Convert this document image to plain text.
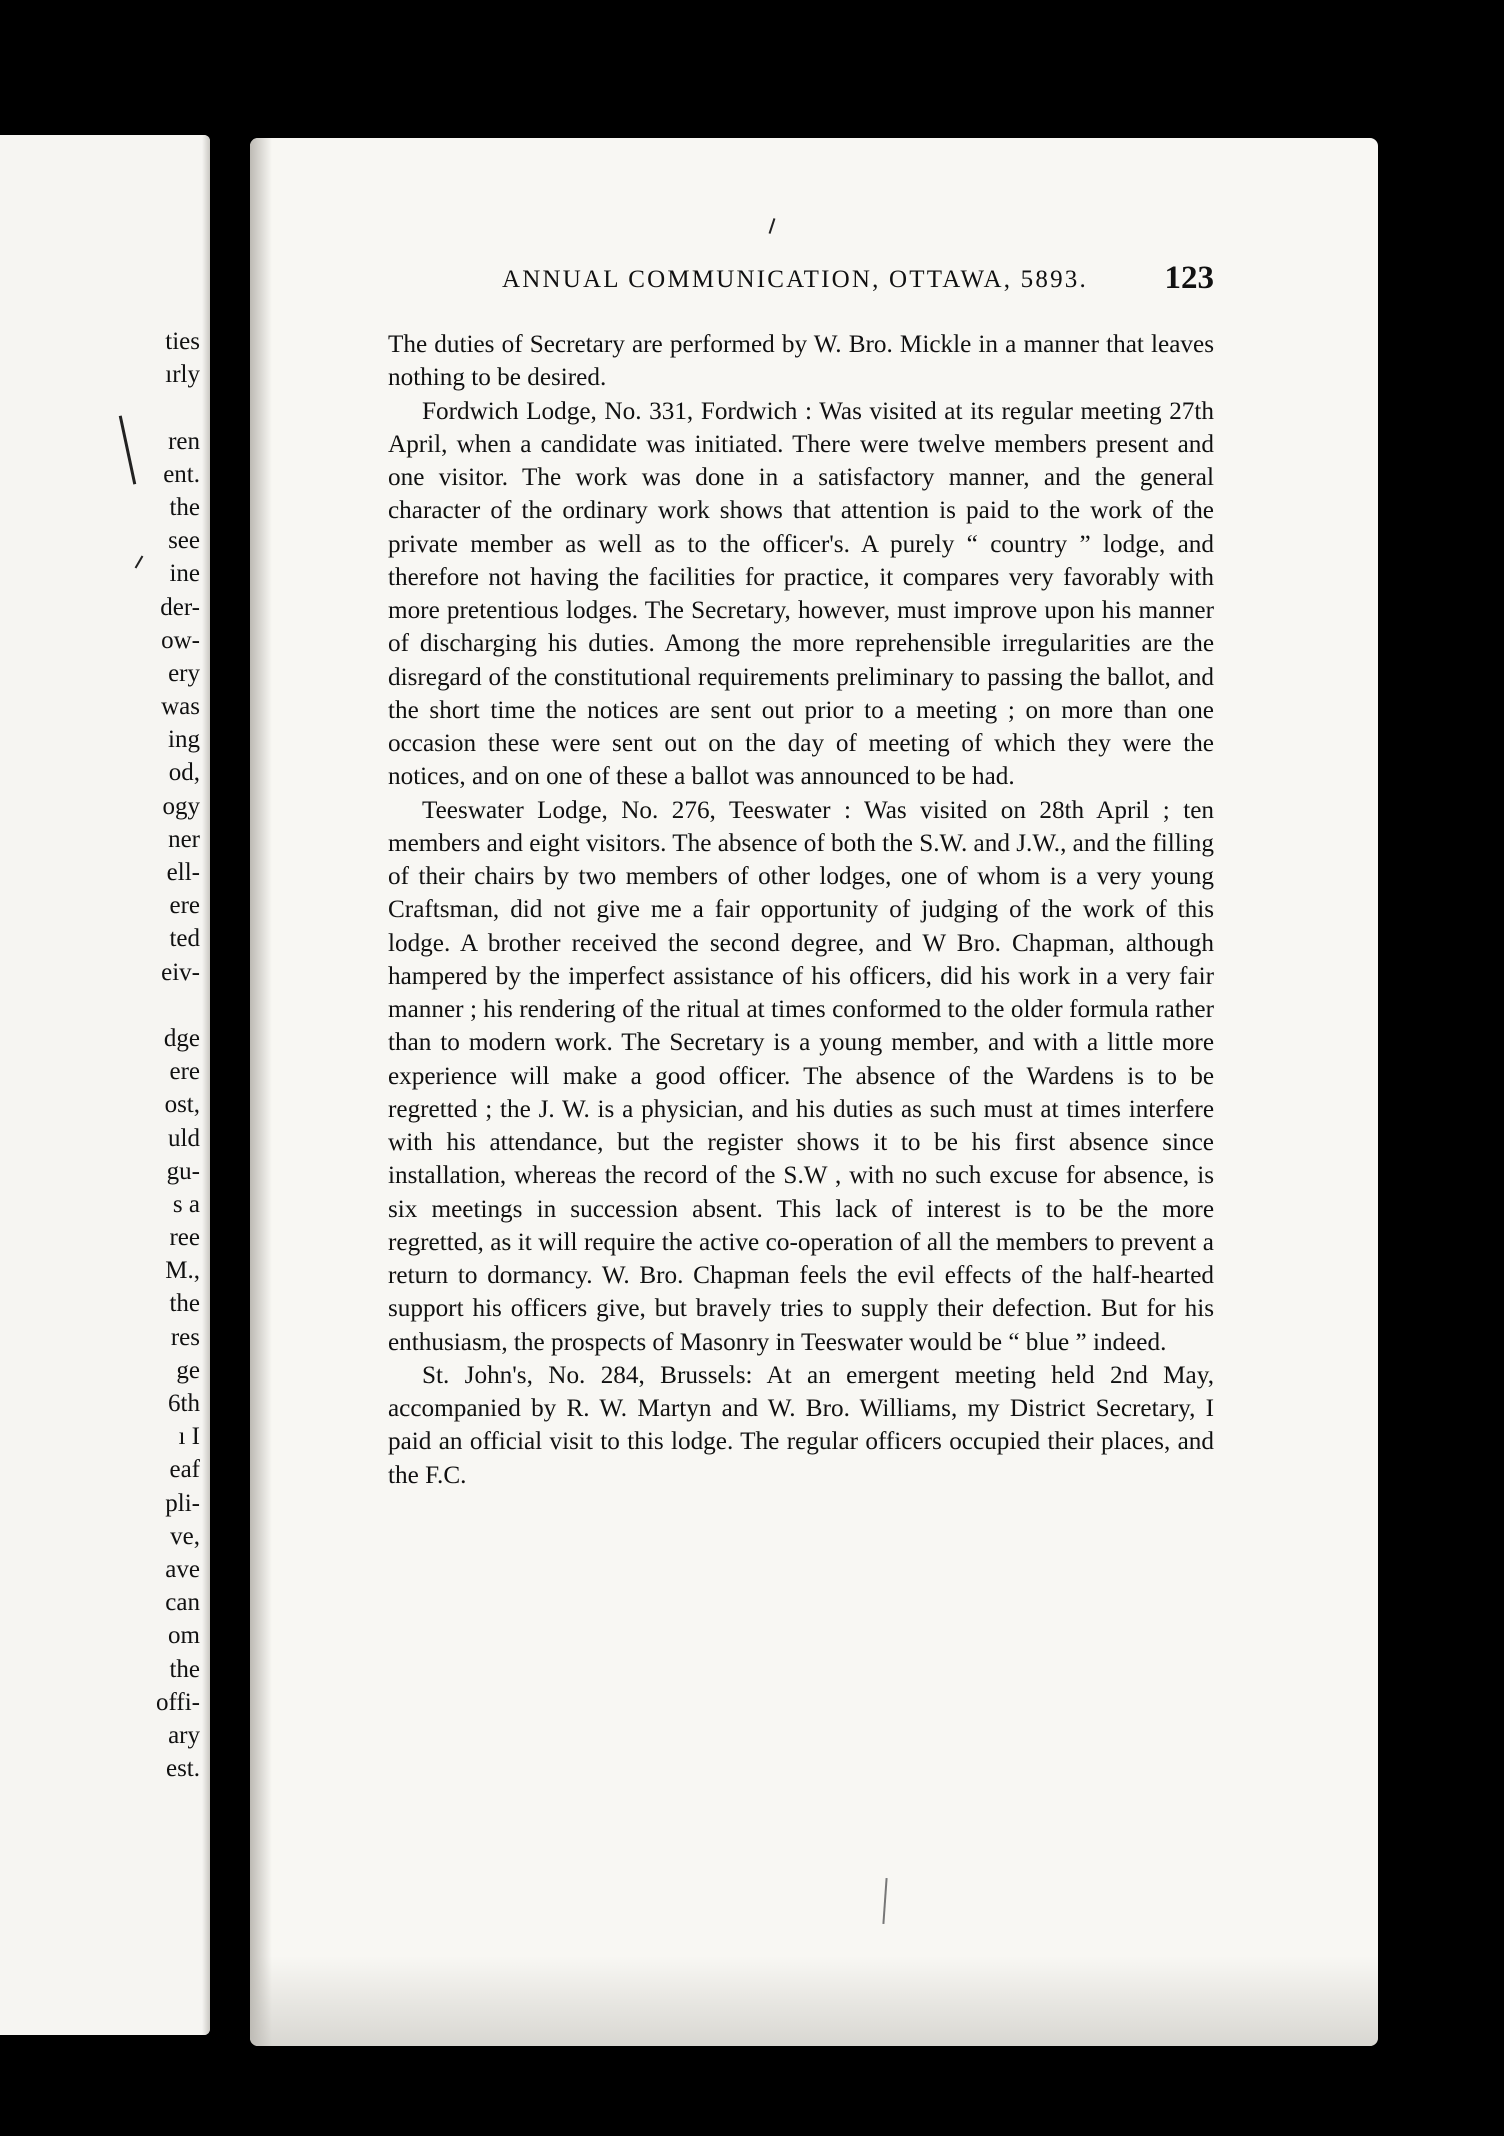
ties
ırly
ren
ent.
the
see
ine
der-
ow-
ery
was
ing
od,
ogy
ner
ell-
ere
ted
eiv-
dge
ere
ost,
uld
gu-
s a
ree
M.,
the
res
ge
6th
ı I
eaf
pli-
ve,
ave
can
om
the
offi-
ary
est.
ANNUAL COMMUNICATION, OTTAWA, 5893. 123

The duties of Secretary are performed by W. Bro. Mickle in a manner that leaves nothing to be desired.

Fordwich Lodge, No. 331, Fordwich : Was visited at its regular meeting 27th April, when a candidate was initiated. There were twelve members present and one visitor. The work was done in a satisfactory manner, and the general character of the ordinary work shows that attention is paid to the work of the private member as well as to the officer's. A purely “ country ” lodge, and therefore not having the facilities for practice, it compares very favorably with more pretentious lodges. The Secretary, however, must improve upon his manner of discharging his duties. Among the more reprehensible irregularities are the disregard of the constitutional requirements preliminary to passing the ballot, and the short time the notices are sent out prior to a meeting ; on more than one occasion these were sent out on the day of meeting of which they were the notices, and on one of these a ballot was announced to be had.

Teeswater Lodge, No. 276, Teeswater : Was visited on 28th April ; ten members and eight visitors. The absence of both the S.W. and J.W., and the filling of their chairs by two members of other lodges, one of whom is a very young Craftsman, did not give me a fair opportunity of judging of the work of this lodge. A brother received the second degree, and W Bro. Chapman, although hampered by the imperfect assistance of his officers, did his work in a very fair manner ; his rendering of the ritual at times conformed to the older formula rather than to modern work. The Secretary is a young member, and with a little more experience will make a good officer. The absence of the Wardens is to be regretted ; the J. W. is a physician, and his duties as such must at times interfere with his attendance, but the register shows it to be his first absence since installation, whereas the record of the S.W , with no such excuse for absence, is six meetings in succession absent. This lack of interest is to be the more regretted, as it will require the active co-operation of all the members to prevent a return to dormancy. W. Bro. Chapman feels the evil effects of the half-hearted support his officers give, but bravely tries to supply their defection. But for his enthusiasm, the prospects of Masonry in Teeswater would be “ blue ” indeed.

St. John's, No. 284, Brussels: At an emergent meeting held 2nd May, accompanied by R. W. Martyn and W. Bro. Williams, my District Secretary, I paid an official visit to this lodge. The regular officers occupied their places, and the F.C.
